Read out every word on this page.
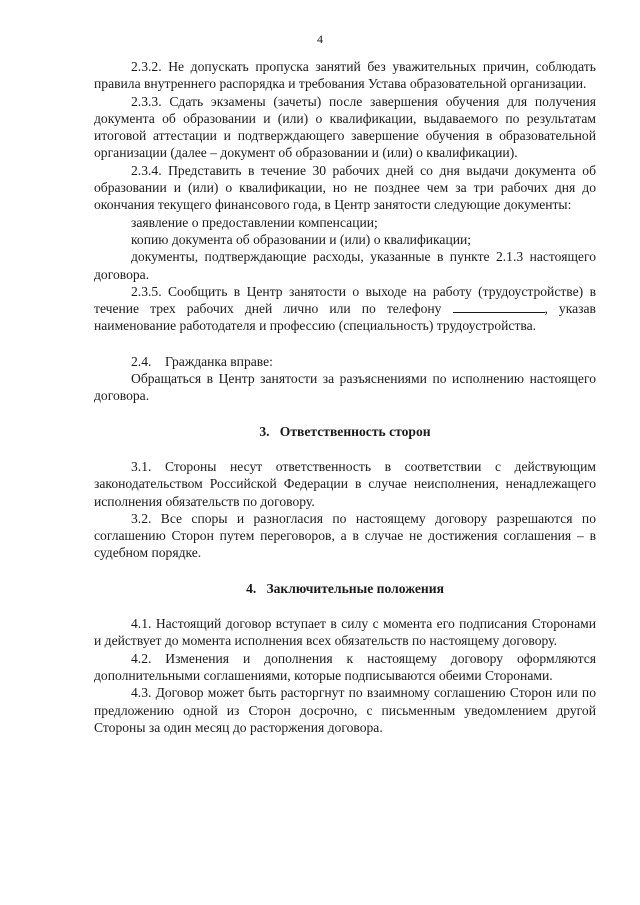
4

2.3.2. Не допускать пропуска занятий без уважительных причин, соблюдать правила внутреннего распорядка и требования Устава образовательной организации.

2.3.3. Сдать экзамены (зачеты) после завершения обучения для получения документа об образовании и (или) о квалификации, выдаваемого по результатам итоговой аттестации и подтверждающего завершение обучения в образовательной организации (далее – документ об образовании и (или) о квалификации).

2.3.4. Представить в течение 30 рабочих дней со дня выдачи документа об образовании и (или) о квалификации, но не позднее чем за три рабочих дня до окончания текущего финансового года, в Центр занятости следующие документы:

заявление о предоставлении компенсации;

копию документа об образовании и (или) о квалификации;

документы, подтверждающие расходы, указанные в пункте 2.1.3 настоящего договора.

2.3.5. Сообщить в Центр занятости о выходе на работу (трудоустройстве) в течение трех рабочих дней лично или по телефону	, указав наименование работодателя и профессию (специальность) трудоустройства.

2.4.    Гражданка вправе:

Обращаться в Центр занятости за разъяснениями по исполнению настоящего договора.

3.   Ответственность сторон

3.1. Стороны несут ответственность в соответствии с действующим законодательством Российской Федерации в случае неисполнения, ненадлежащего исполнения обязательств по договору.

3.2. Все споры и разногласия по настоящему договору разрешаются по соглашению Сторон путем переговоров, а в случае не достижения соглашения – в судебном порядке.

4.   Заключительные положения

4.1. Настоящий договор вступает в силу с момента его подписания Сторонами и действует до момента исполнения всех обязательств по настоящему договору.

4.2. Изменения и дополнения к настоящему договору оформляются дополнительными соглашениями, которые подписываются обеими Сторонами.

4.3. Договор может быть расторгнут по взаимному соглашению Сторон или по предложению одной из Сторон досрочно, с письменным уведомлением другой Стороны за один месяц до расторжения договора.
